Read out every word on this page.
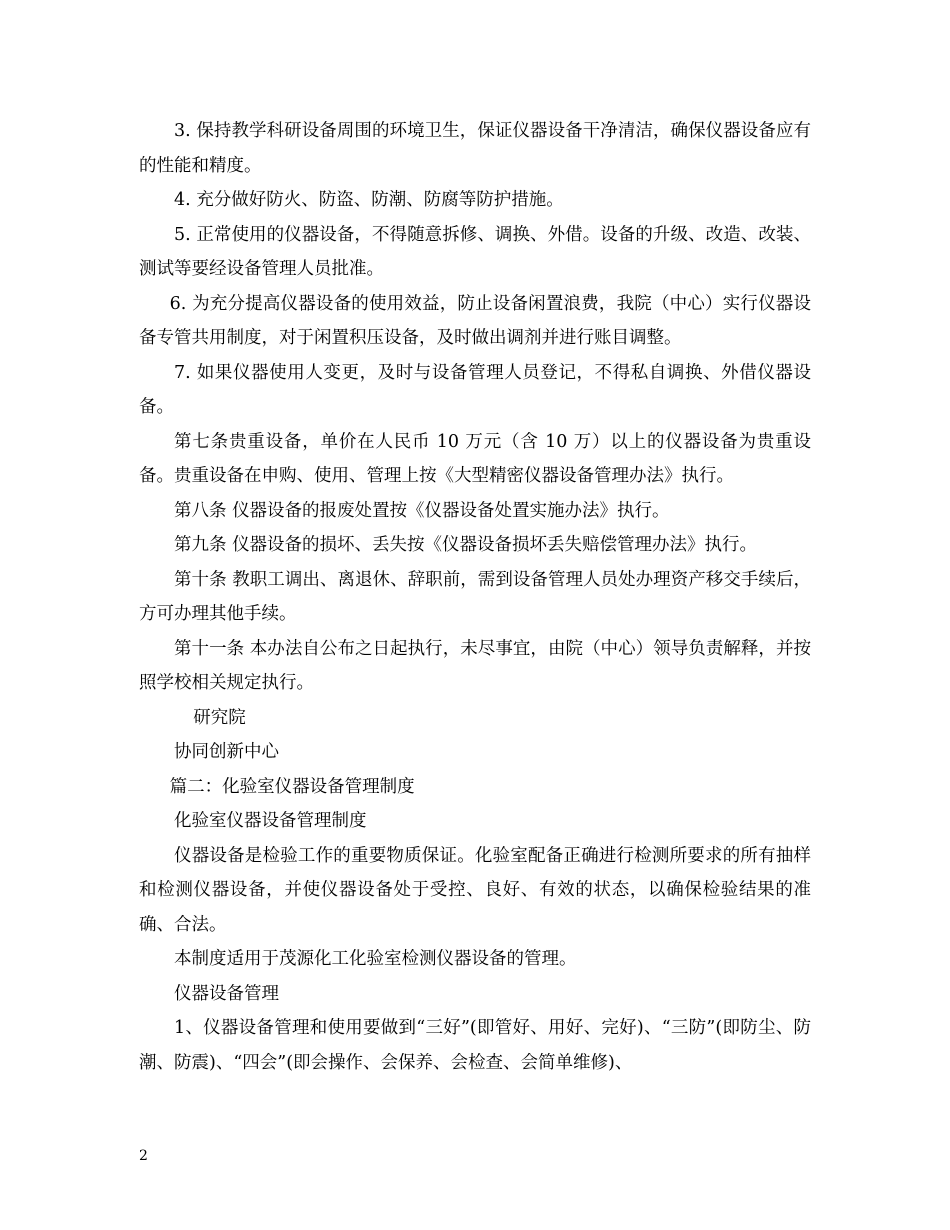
3. 保持教学科研设备周围的环境卫生，保证仪器设备干净清洁，确保仪器设备应有的性能和精度。

4. 充分做好防火、防盗、防潮、防腐等防护措施。

5. 正常使用的仪器设备，不得随意拆修、调换、外借。设备的升级、改造、改装、测试等要经设备管理人员批准。

6. 为充分提高仪器设备的使用效益，防止设备闲置浪费，我院（中心）实行仪器设备专管共用制度，对于闲置积压设备，及时做出调剂并进行账目调整。

7. 如果仪器使用人变更，及时与设备管理人员登记，不得私自调换、外借仪器设备。

第七条贵重设备，单价在人民币 10 万元（含 10 万）以上的仪器设备为贵重设备。贵重设备在申购、使用、管理上按《大型精密仪器设备管理办法》执行。

第八条 仪器设备的报废处置按《仪器设备处置实施办法》执行。

第九条 仪器设备的损坏、丢失按《仪器设备损坏丢失赔偿管理办法》执行。

第十条 教职工调出、离退休、辞职前，需到设备管理人员处办理资产移交手续后，方可办理其他手续。

第十一条 本办法自公布之日起执行，未尽事宜，由院（中心）领导负责解释，并按照学校相关规定执行。

研究院

协同创新中心

篇二：化验室仪器设备管理制度

化验室仪器设备管理制度

仪器设备是检验工作的重要物质保证。化验室配备正确进行检测所要求的所有抽样和检测仪器设备，并使仪器设备处于受控、良好、有效的状态，以确保检验结果的准确、合法。

本制度适用于茂源化工化验室检测仪器设备的管理。

仪器设备管理

1、仪器设备管理和使用要做到“三好”(即管好、用好、完好)、“三防”(即防尘、防潮、防震)、“四会”(即会操作、会保养、会检查、会简单维修)、

2
